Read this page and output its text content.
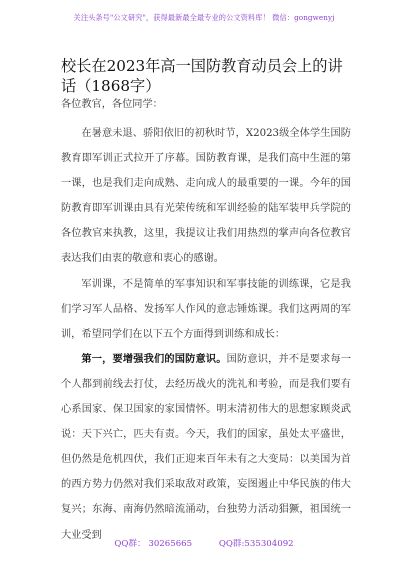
关注头条号"公文研究"，获得最新最全最专业的公文资料库！ 微信：gongwenyj
校长在2023年高一国防教育动员会上的讲话（1868字）
各位教官，各位同学：

在暑意未退、骄阳依旧的初秋时节，X2023级全体学生国防教育即军训正式拉开了序幕。国防教育课，是我们高中生涯的第一课，也是我们走向成熟、走向成人的最重要的一课。今年的国防教育即军训课由具有光荣传统和军训经验的陆军装甲兵学院的各位教官来执教，这里，我提议让我们用热烈的掌声向各位教官表达我们由衷的敬意和衷心的感谢。

军训课，不是简单的军事知识和军事技能的训练课，它是我们学习军人品格、发扬军人作风的意志锤炼课。我们这两周的军训，希望同学们在以下五个方面得到训练和成长：

第一，要增强我们的国防意识。国防意识，并不是要求每一个人都到前线去打仗，去经历战火的洗礼和考验，而是我们要有心系国家、保卫国家的家国情怀。明末清初伟大的思想家顾炎武说：天下兴亡，匹夫有责。今天，我们的国家，虽处太平盛世，但仍然是危机四伏，我们正迎来百年未有之大变局：以美国为首的西方势力仍然对我们采取敌对政策，妄图遏止中华民族的伟大复兴；东海、南海仍然暗流涌动，台独势力活动猖獗，祖国统一大业受到

QQ群： 30265665	QQ群:535304092
